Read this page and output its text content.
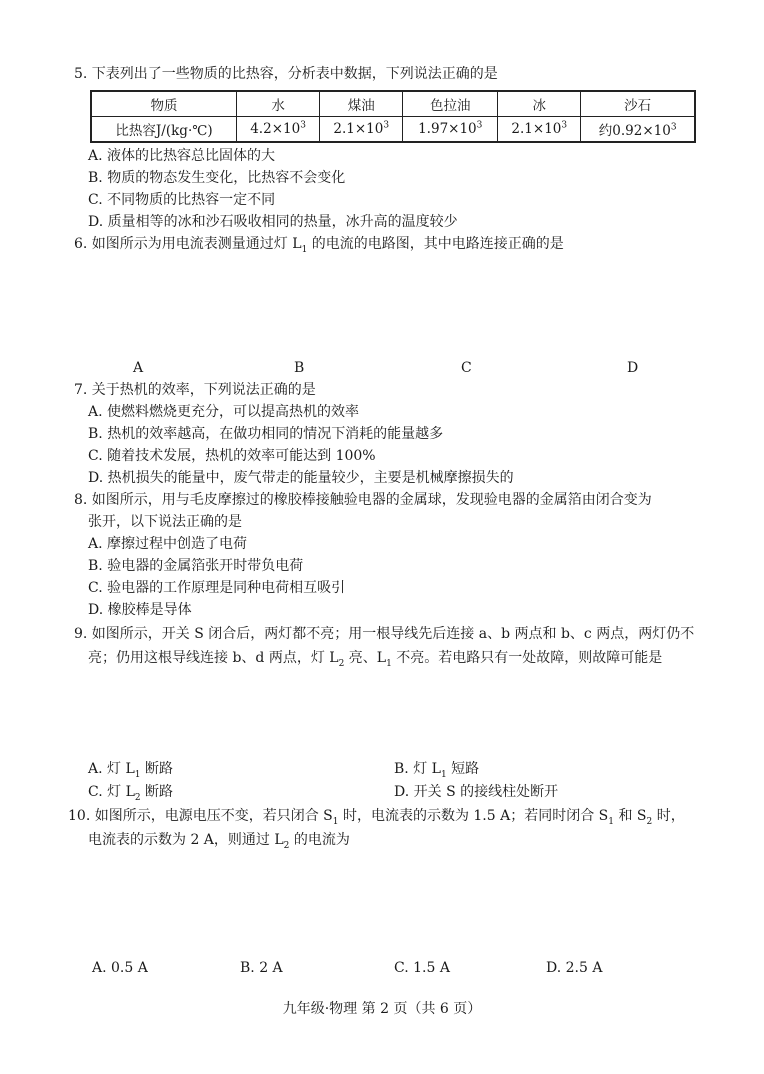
5. 下表列出了一些物质的比热容，分析表中数据，下列说法正确的是
物质	水	煤油	色拉油	冰	沙石
比热容J/(kg·℃)	$4.2\times 10^3$	$2.1\times 10^3$	$1.97\times 10^3$	$2.1\times 10^3$	约$0.92\times 10^3$
A. 液体的比热容总比固体的大
B. 物质的物态发生变化，比热容不会变化
C. 不同物质的比热容一定不同
D. 质量相等的冰和沙石吸收相同的热量，冰升高的温度较少
6. 如图所示为用电流表测量通过灯 $L_1$ 的电流的电路图，其中电路连接正确的是
A	B	C	D
7. 关于热机的效率，下列说法正确的是
A. 使燃料燃烧更充分，可以提高热机的效率
B. 热机的效率越高，在做功相同的情况下消耗的能量越多
C. 随着技术发展，热机的效率可能达到 100%
D. 热机损失的能量中，废气带走的能量较少，主要是机械摩擦损失的
8. 如图所示，用与毛皮摩擦过的橡胶棒接触验电器的金属球，发现验电器的金属箔由闭合变为
张开，以下说法正确的是
A. 摩擦过程中创造了电荷
B. 验电器的金属箔张开时带负电荷
C. 验电器的工作原理是同种电荷相互吸引
D. 橡胶棒是导体
9. 如图所示，开关 S 闭合后，两灯都不亮；用一根导线先后连接 a、b 两点和 b、c 两点，两灯仍不
亮；仍用这根导线连接 b、d 两点，灯 $L_2$ 亮、$L_1$ 不亮。若电路只有一处故障，则故障可能是
A. 灯 $L_1$ 断路	B. 灯 $L_1$ 短路
C. 灯 $L_2$ 断路	D. 开关 S 的接线柱处断开
10. 如图所示，电源电压不变，若只闭合 $S_1$ 时，电流表的示数为 1.5 A；若同时闭合 $S_1$ 和 $S_2$ 时，
电流表的示数为 2 A，则通过 $L_2$ 的电流为
A. 0.5 A	B. 2 A	C. 1.5 A	D. 2.5 A
九年级·物理 第 2 页（共 6 页）
